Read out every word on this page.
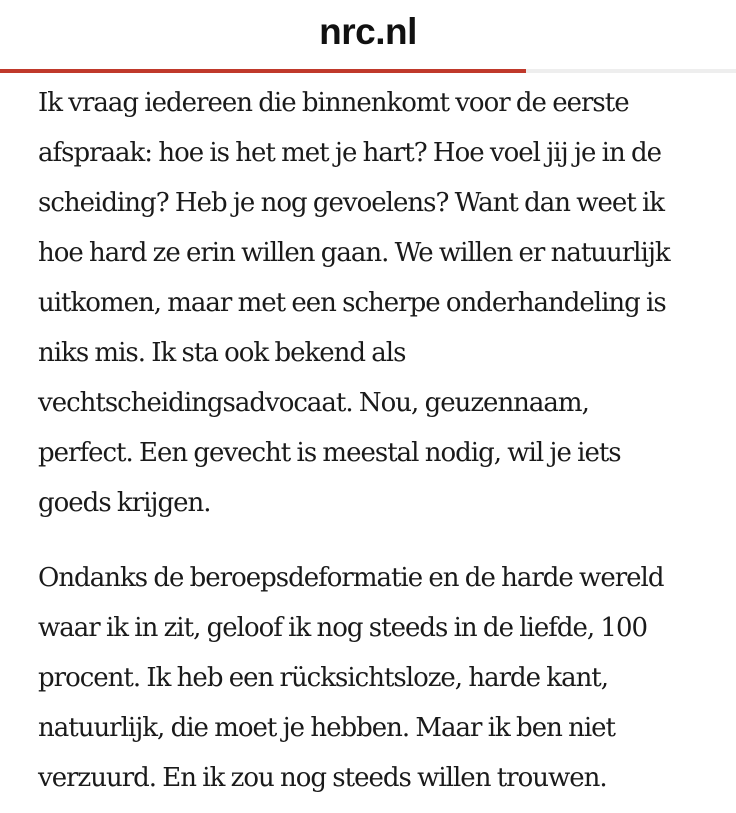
nrc.nl

Ik vraag iedereen die binnenkomt voor de eerste
afspraak: hoe is het met je hart? Hoe voel jij je in de
scheiding? Heb je nog gevoelens? Want dan weet ik
hoe hard ze erin willen gaan. We willen er natuurlijk
uitkomen, maar met een scherpe onderhandeling is
niks mis. Ik sta ook bekend als
vechtscheidingsadvocaat. Nou, geuzennaam,
perfect. Een gevecht is meestal nodig, wil je iets
goeds krijgen.

Ondanks de beroepsdeformatie en de harde wereld
waar ik in zit, geloof ik nog steeds in de liefde, 100
procent. Ik heb een rücksichtsloze, harde kant,
natuurlijk, die moet je hebben. Maar ik ben niet
verzuurd. En ik zou nog steeds willen trouwen.
